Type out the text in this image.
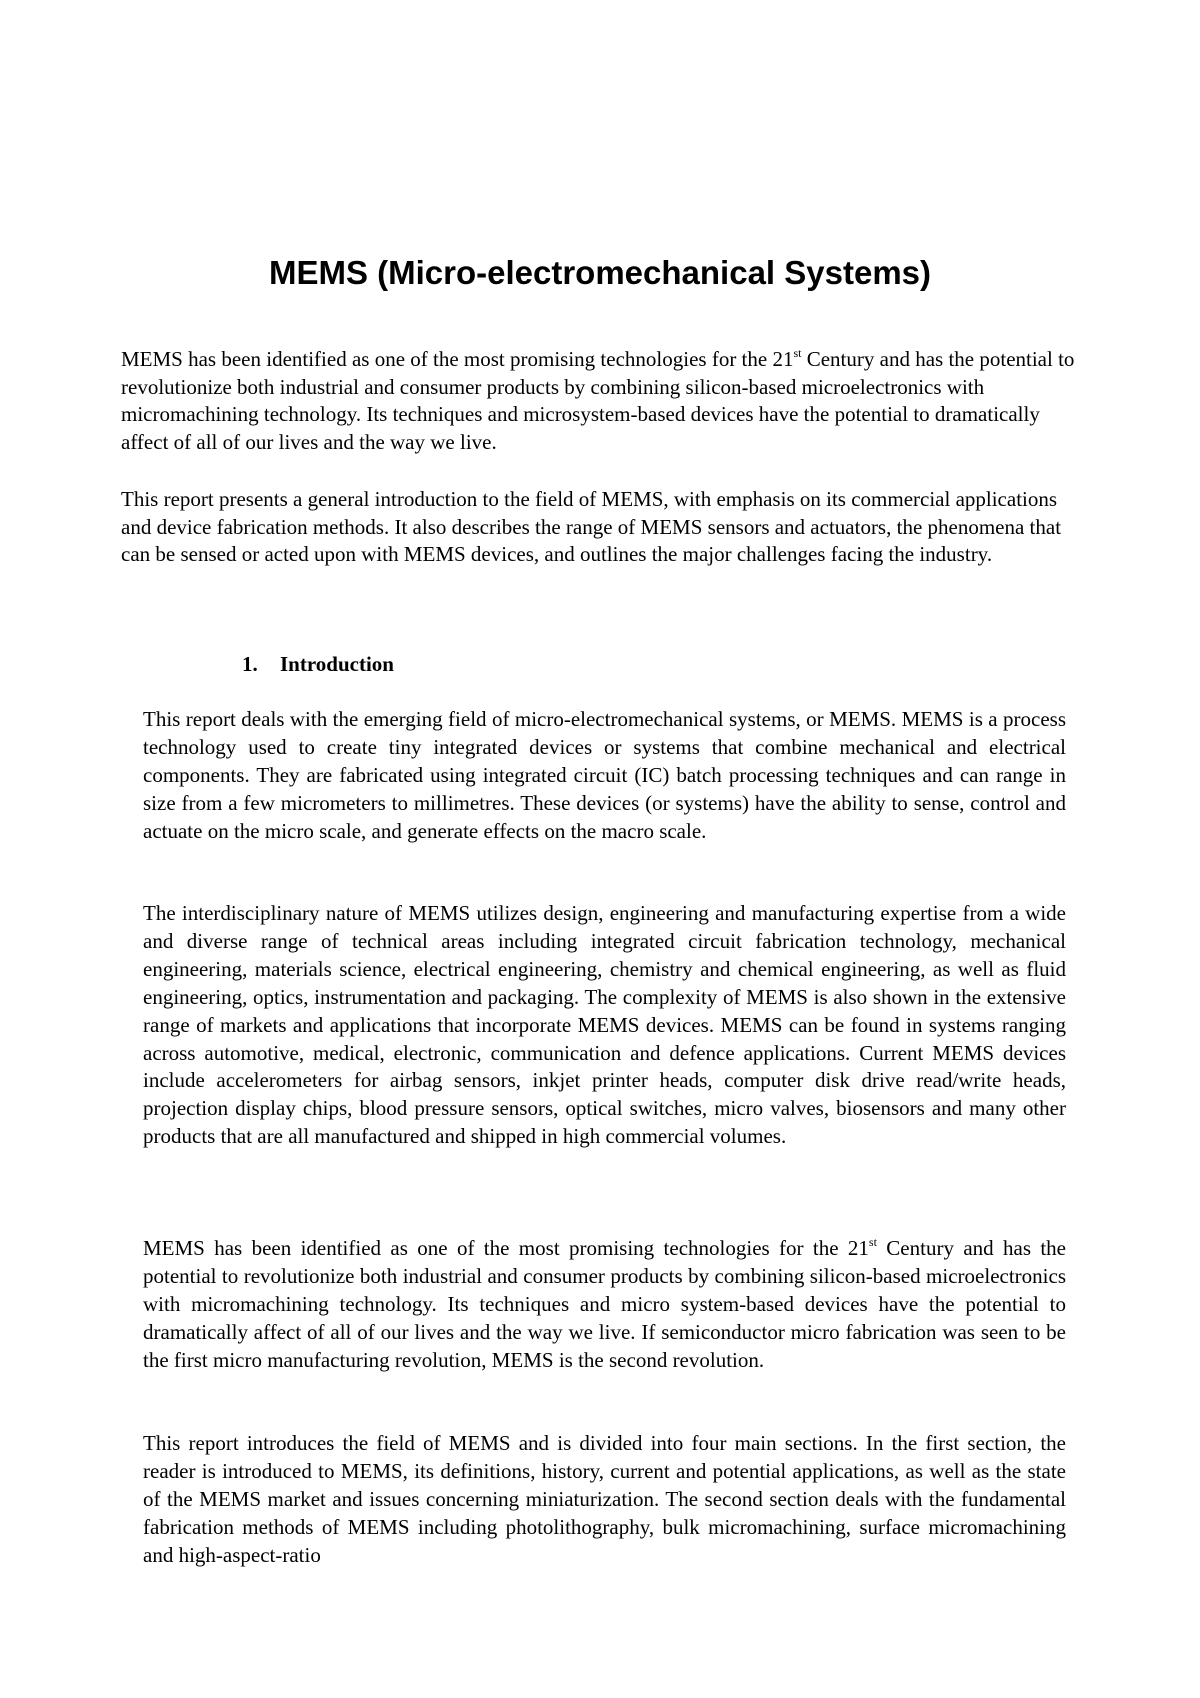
MEMS (Micro-electromechanical Systems)

MEMS has been identified as one of the most promising technologies for the 21st Century and has the potential to revolutionize both industrial and consumer products by combining silicon-based microelectronics with micromachining technology. Its techniques and microsystem-based devices have the potential to dramatically affect of all of our lives and the way we live.

This report presents a general introduction to the field of MEMS, with emphasis on its commercial applications and device fabrication methods. It also describes the range of MEMS sensors and actuators, the phenomena that can be sensed or acted upon with MEMS devices, and outlines the major challenges facing the industry.

1. Introduction

This report deals with the emerging field of micro-electromechanical systems, or MEMS. MEMS is a process technology used to create tiny integrated devices or systems that combine mechanical and electrical components. They are fabricated using integrated circuit (IC) batch processing techniques and can range in size from a few micrometers to millimetres. These devices (or systems) have the ability to sense, control and actuate on the micro scale, and generate effects on the macro scale.

The interdisciplinary nature of MEMS utilizes design, engineering and manufacturing expertise from a wide and diverse range of technical areas including integrated circuit fabrication technology, mechanical engineering, materials science, electrical engineering, chemistry and chemical engineering, as well as fluid engineering, optics, instrumentation and packaging. The complexity of MEMS is also shown in the extensive range of markets and applications that incorporate MEMS devices. MEMS can be found in systems ranging across automotive, medical, electronic, communication and defence applications. Current MEMS devices include accelerometers for airbag sensors, inkjet printer heads, computer disk drive read/write heads, projection display chips, blood pressure sensors, optical switches, micro valves, biosensors and many other products that are all manufactured and shipped in high commercial volumes.

MEMS has been identified as one of the most promising technologies for the 21st Century and has the potential to revolutionize both industrial and consumer products by combining silicon-based microelectronics with micromachining technology. Its techniques and micro system-based devices have the potential to dramatically affect of all of our lives and the way we live. If semiconductor micro fabrication was seen to be the first micro manufacturing revolution, MEMS is the second revolution.

This report introduces the field of MEMS and is divided into four main sections. In the first section, the reader is introduced to MEMS, its definitions, history, current and potential applications, as well as the state of the MEMS market and issues concerning miniaturization. The second section deals with the fundamental fabrication methods of MEMS including photolithography, bulk micromachining, surface micromachining and high-aspect-ratio
